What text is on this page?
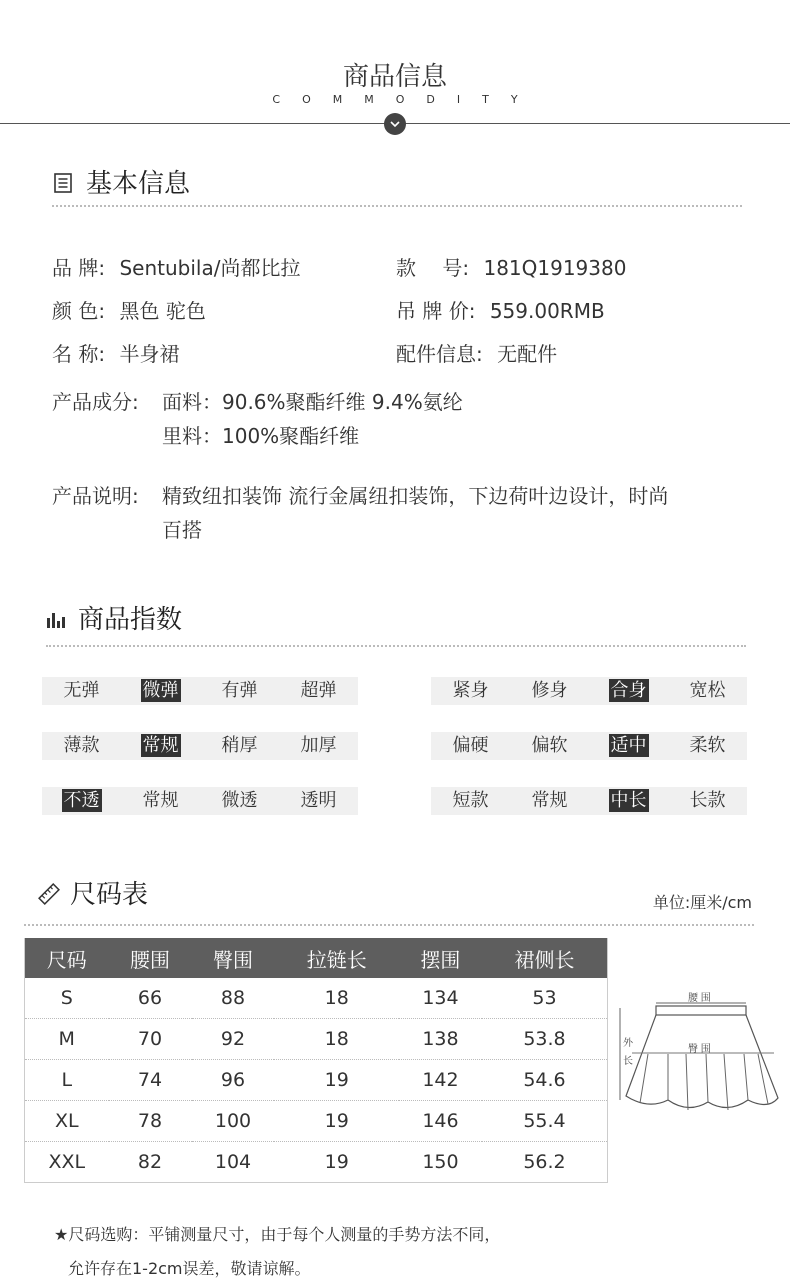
商品信息
COMMODITY
基本信息
品 牌: Sentubila/尚都比拉	款　 号: 181Q1919380
颜 色: 黑色 驼色	吊 牌 价: 559.00RMB
名 称: 半身裙	配件信息: 无配件
产品成分: 面料：90.6%聚酯纤维 9.4%氨纶
里料：100%聚酯纤维
产品说明: 精致纽扣装饰 流行金属纽扣装饰，下边荷叶边设计，时尚
百搭
商品指数
无弹	微弹	有弹	超弹	紧身	修身	合身	宽松
薄款	常规	稍厚	加厚	偏硬	偏软	适中	柔软
不透	常规	微透	透明	短款	常规	中长	长款
尺码表	单位:厘米/cm
尺码	腰围	臀围	拉链长	摆围	裙侧长
S	66	88	18	134	53
M	70	92	18	138	53.8
L	74	96	19	142	54.6
XL	78	100	19	146	55.4
XXL	82	104	19	150	56.2
腰 围
臀 围
外
长
★尺码选购：平铺测量尺寸，由于每个人测量的手势方法不同，
允许存在1-2cm误差，敬请谅解。
